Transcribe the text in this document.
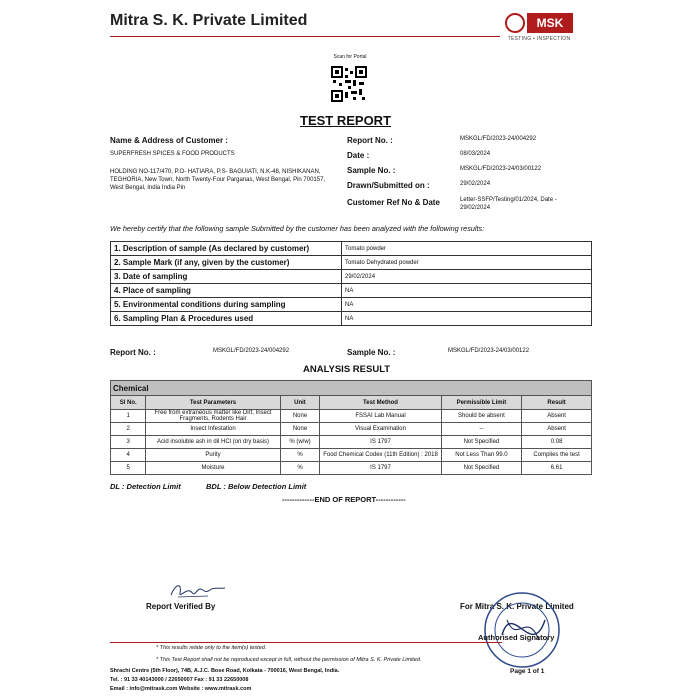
Mitra S. K. Private Limited	MSK
TESTING • INSPECTION
Scan for Portal
TEST REPORT
Name & Address of Customer :
SUPERFRESH SPICES & FOOD PRODUCTS
HOLDING NO-117/470, P.O- HATIARA, P.S- BAGUIATI, N.K-48, NISHIKANAN, TEGHORIA, New Town, North Twenty-Four Parganas, West Bengal, Pin 700157, West Bengal, India India Pin
Report No. :	MSKGL/FD/2023-24/004292
Date :	08/03/2024
Sample No. :	MSKGL/FD/2023-24/03/00122
Drawn/Submitted on :	29/02/2024
Customer Ref No & Date	Letter-SSFP/Testing/01/2024, Date - 29/02/2024
We hereby certify that the following sample Submitted by the customer has been analyzed with the following results:
1. Description of sample (As declared by customer)	Tomato powder
2. Sample Mark (if any, given by the customer)	Tomato Dehydrated powder
3. Date of sampling	29/02/2024
4. Place of sampling	NA
5. Environmental conditions during sampling	NA
6. Sampling Plan & Procedures used	NA
Report No. :	MSKGL/FD/2023-24/004292	Sample No. :	MSKGL/FD/2023-24/03/00122
ANALYSIS RESULT
Chemical					
Sl No.	Test Parameters	Unit	Test Method	Permissible Limit	Result
1	Free from extraneous matter like Dirt, Insect Fragments, Rodents Hair	None	FSSAI Lab Manual	Should be absent	Absent
2	Insect Infestation	None	Visual Examination	--	Absent
3	Acid insoluble ash in dil HCl (on dry basis)	% (w/w)	IS 1797	Not Specified	0.08
4	Purity	%	Food Chemical Codex (11th Edition) : 2018	Not Less Than 99.0	Complies the test
5	Moisture	%	IS 1797	Not Specified	6.61
DL : Detection Limit	BDL : Below Detection Limit
-------------END OF REPORT------------
Report Verified By	For Mitra S. K. Private Limited
Authorised Signatory
* This results relate only to the item(s) tested.
* This Test Report shall not be reproduced except in full, without the permission of Mitra S. K. Private Limited.
Shrachi Centre (5th Floor), 74B, A.J.C. Bose Road, Kolkata - 700016, West Bengal, India.
Tel. : 91 33 40143000 / 22650007 Fax : 91 33 22650008
Email : info@mitrask.com Website : www.mitrask.com
Page 1 of 1
